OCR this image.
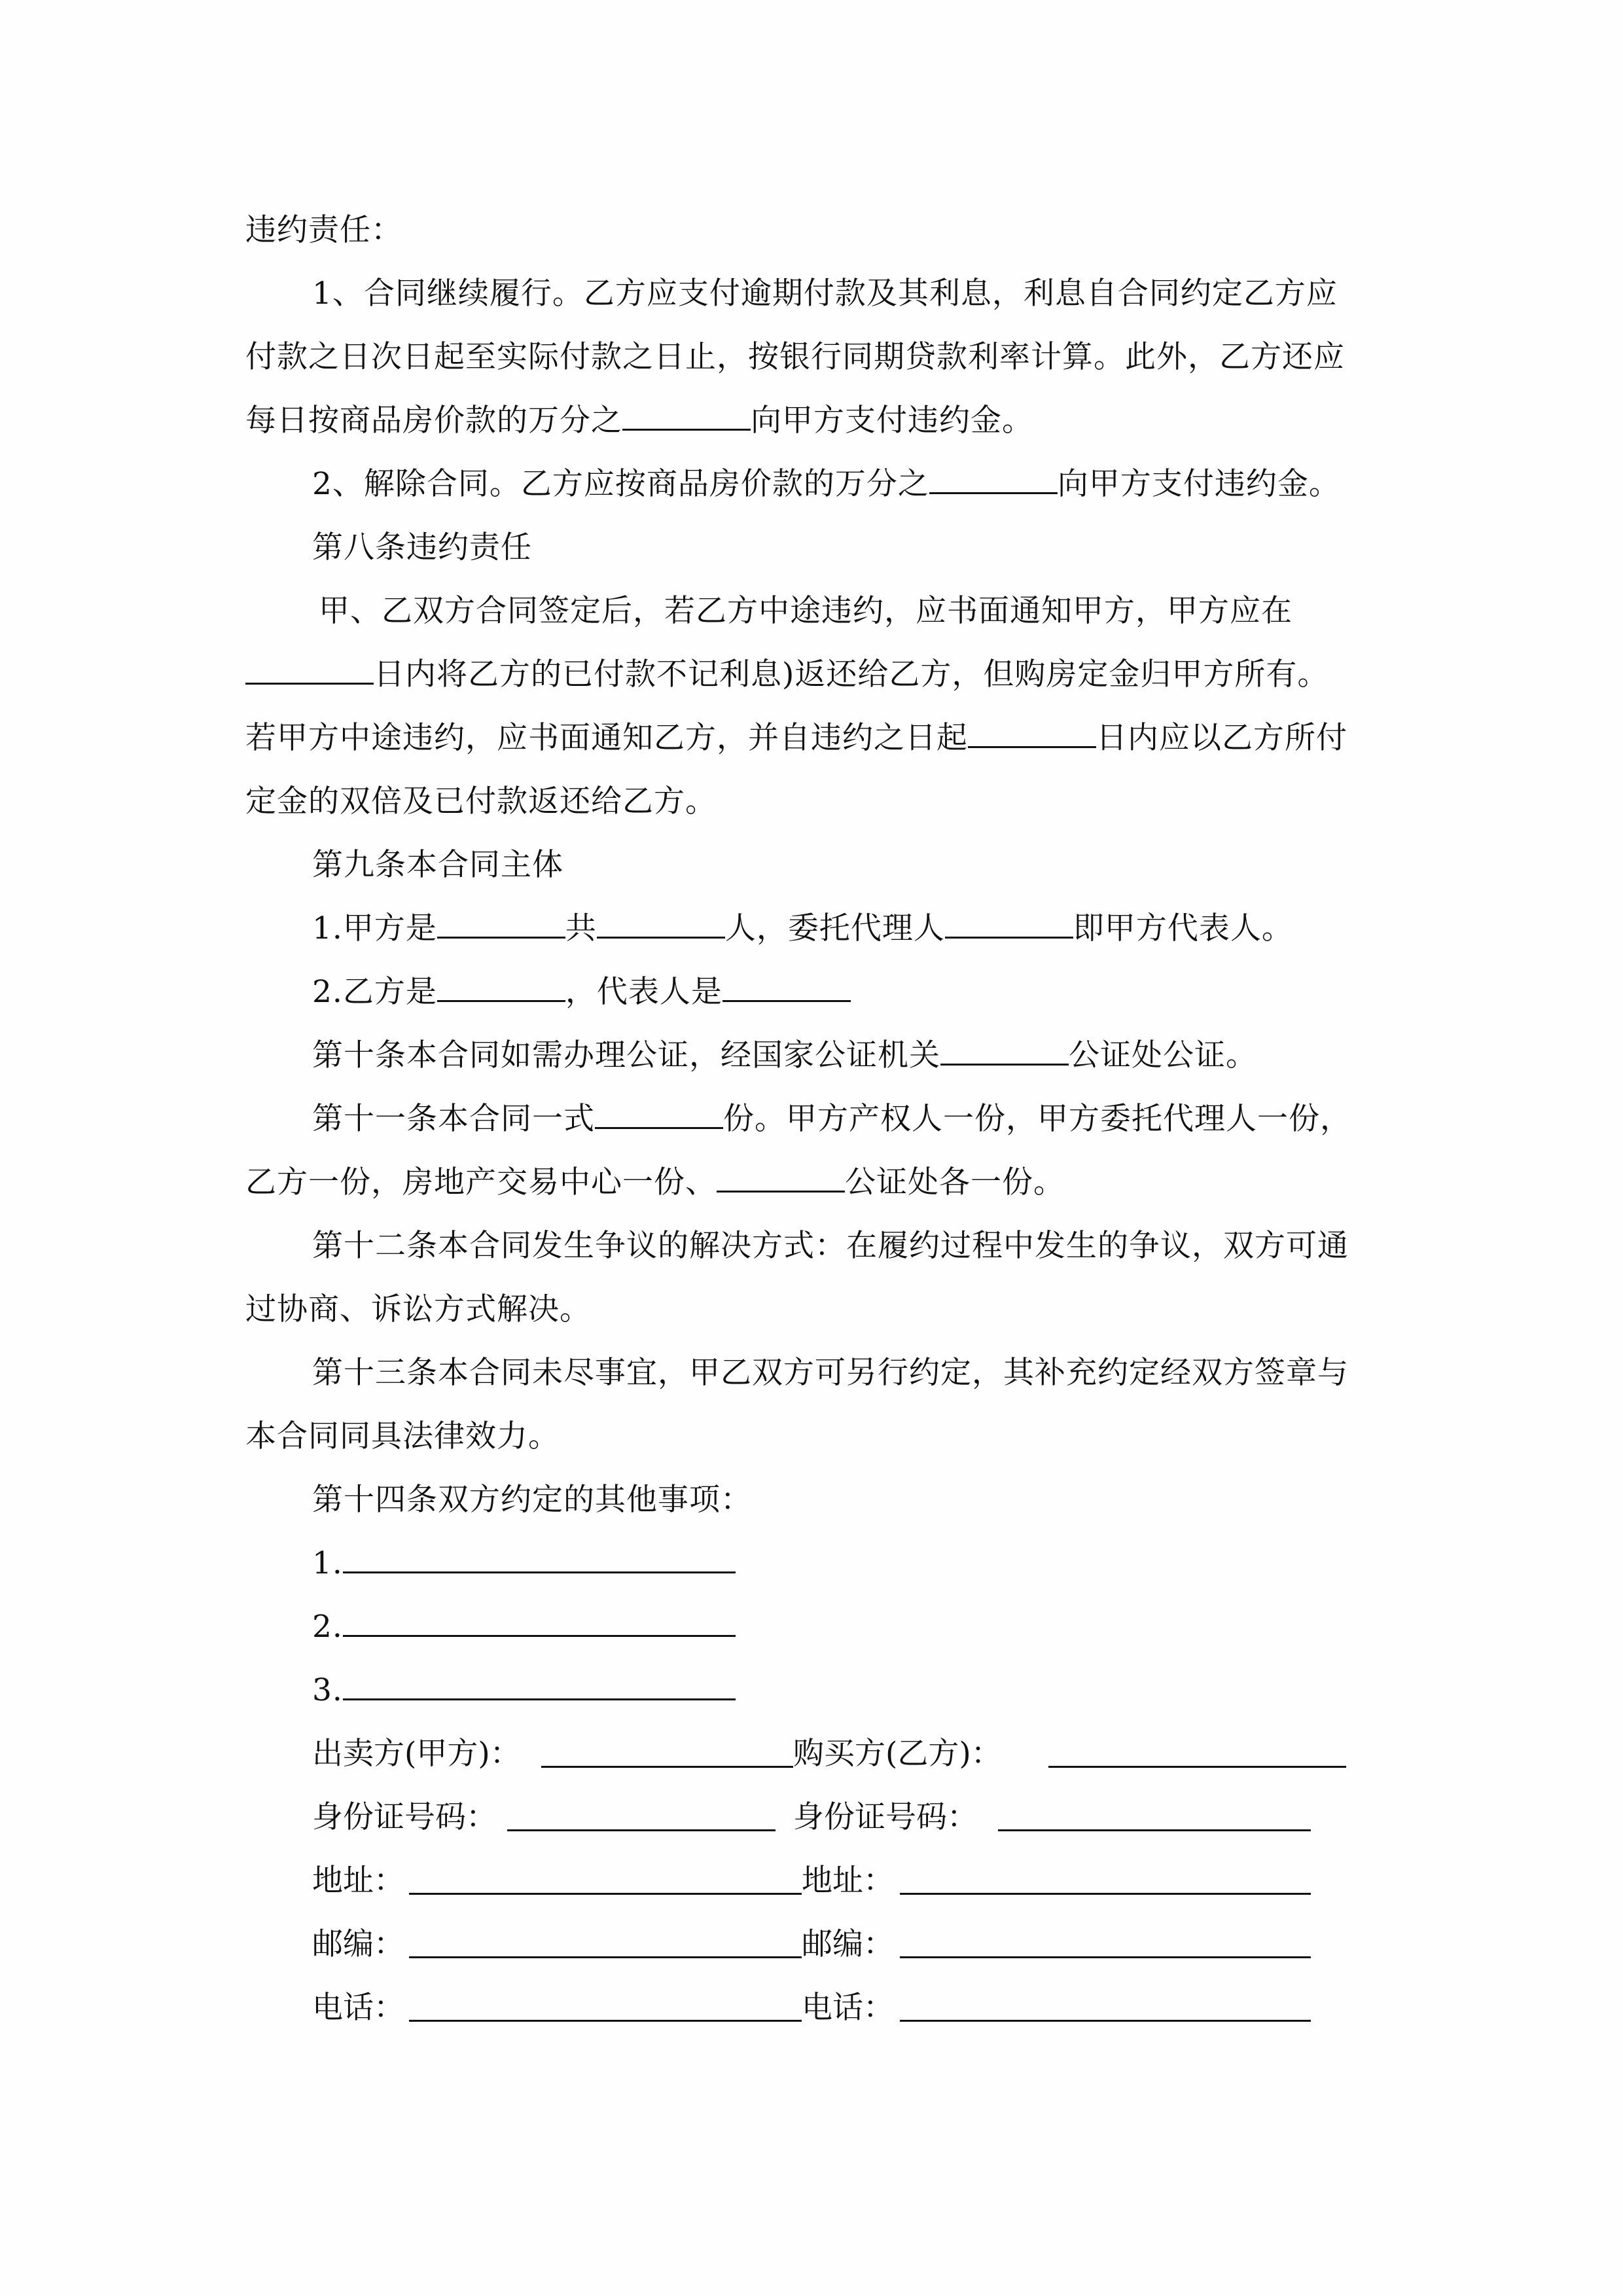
违约责任：
1、合同继续履行。乙方应支付逾期付款及其利息，利息自合同约定乙方应
付款之日次日起至实际付款之日止，按银行同期贷款利率计算。此外，乙方还应
每日按商品房价款的万分之	向甲方支付违约金。
2、解除合同。乙方应按商品房价款的万分之	向甲方支付违约金。
第八条违约责任
甲、乙双方合同签定后，若乙方中途违约，应书面通知甲方，甲方应在
日内将乙方的已付款不记利息)返还给乙方，但购房定金归甲方所有。
若甲方中途违约，应书面通知乙方，并自违约之日起	日内应以乙方所付
定金的双倍及已付款返还给乙方。
第九条本合同主体
1.甲方是	共	人，委托代理人	即甲方代表人。
2.乙方是	，代表人是
第十条本合同如需办理公证，经国家公证机关	公证处公证。
第十一条本合同一式	份。甲方产权人一份，甲方委托代理人一份，
乙方一份，房地产交易中心一份、	公证处各一份。
第十二条本合同发生争议的解决方式：在履约过程中发生的争议，双方可通
过协商、诉讼方式解决。
第十三条本合同未尽事宜，甲乙双方可另行约定，其补充约定经双方签章与
本合同同具法律效力。
第十四条双方约定的其他事项：
1.
2.
3.
出卖方(甲方)：	购买方(乙方)：
身份证号码：	身份证号码：
地址：	地址：
邮编：	邮编：
电话：	电话：
